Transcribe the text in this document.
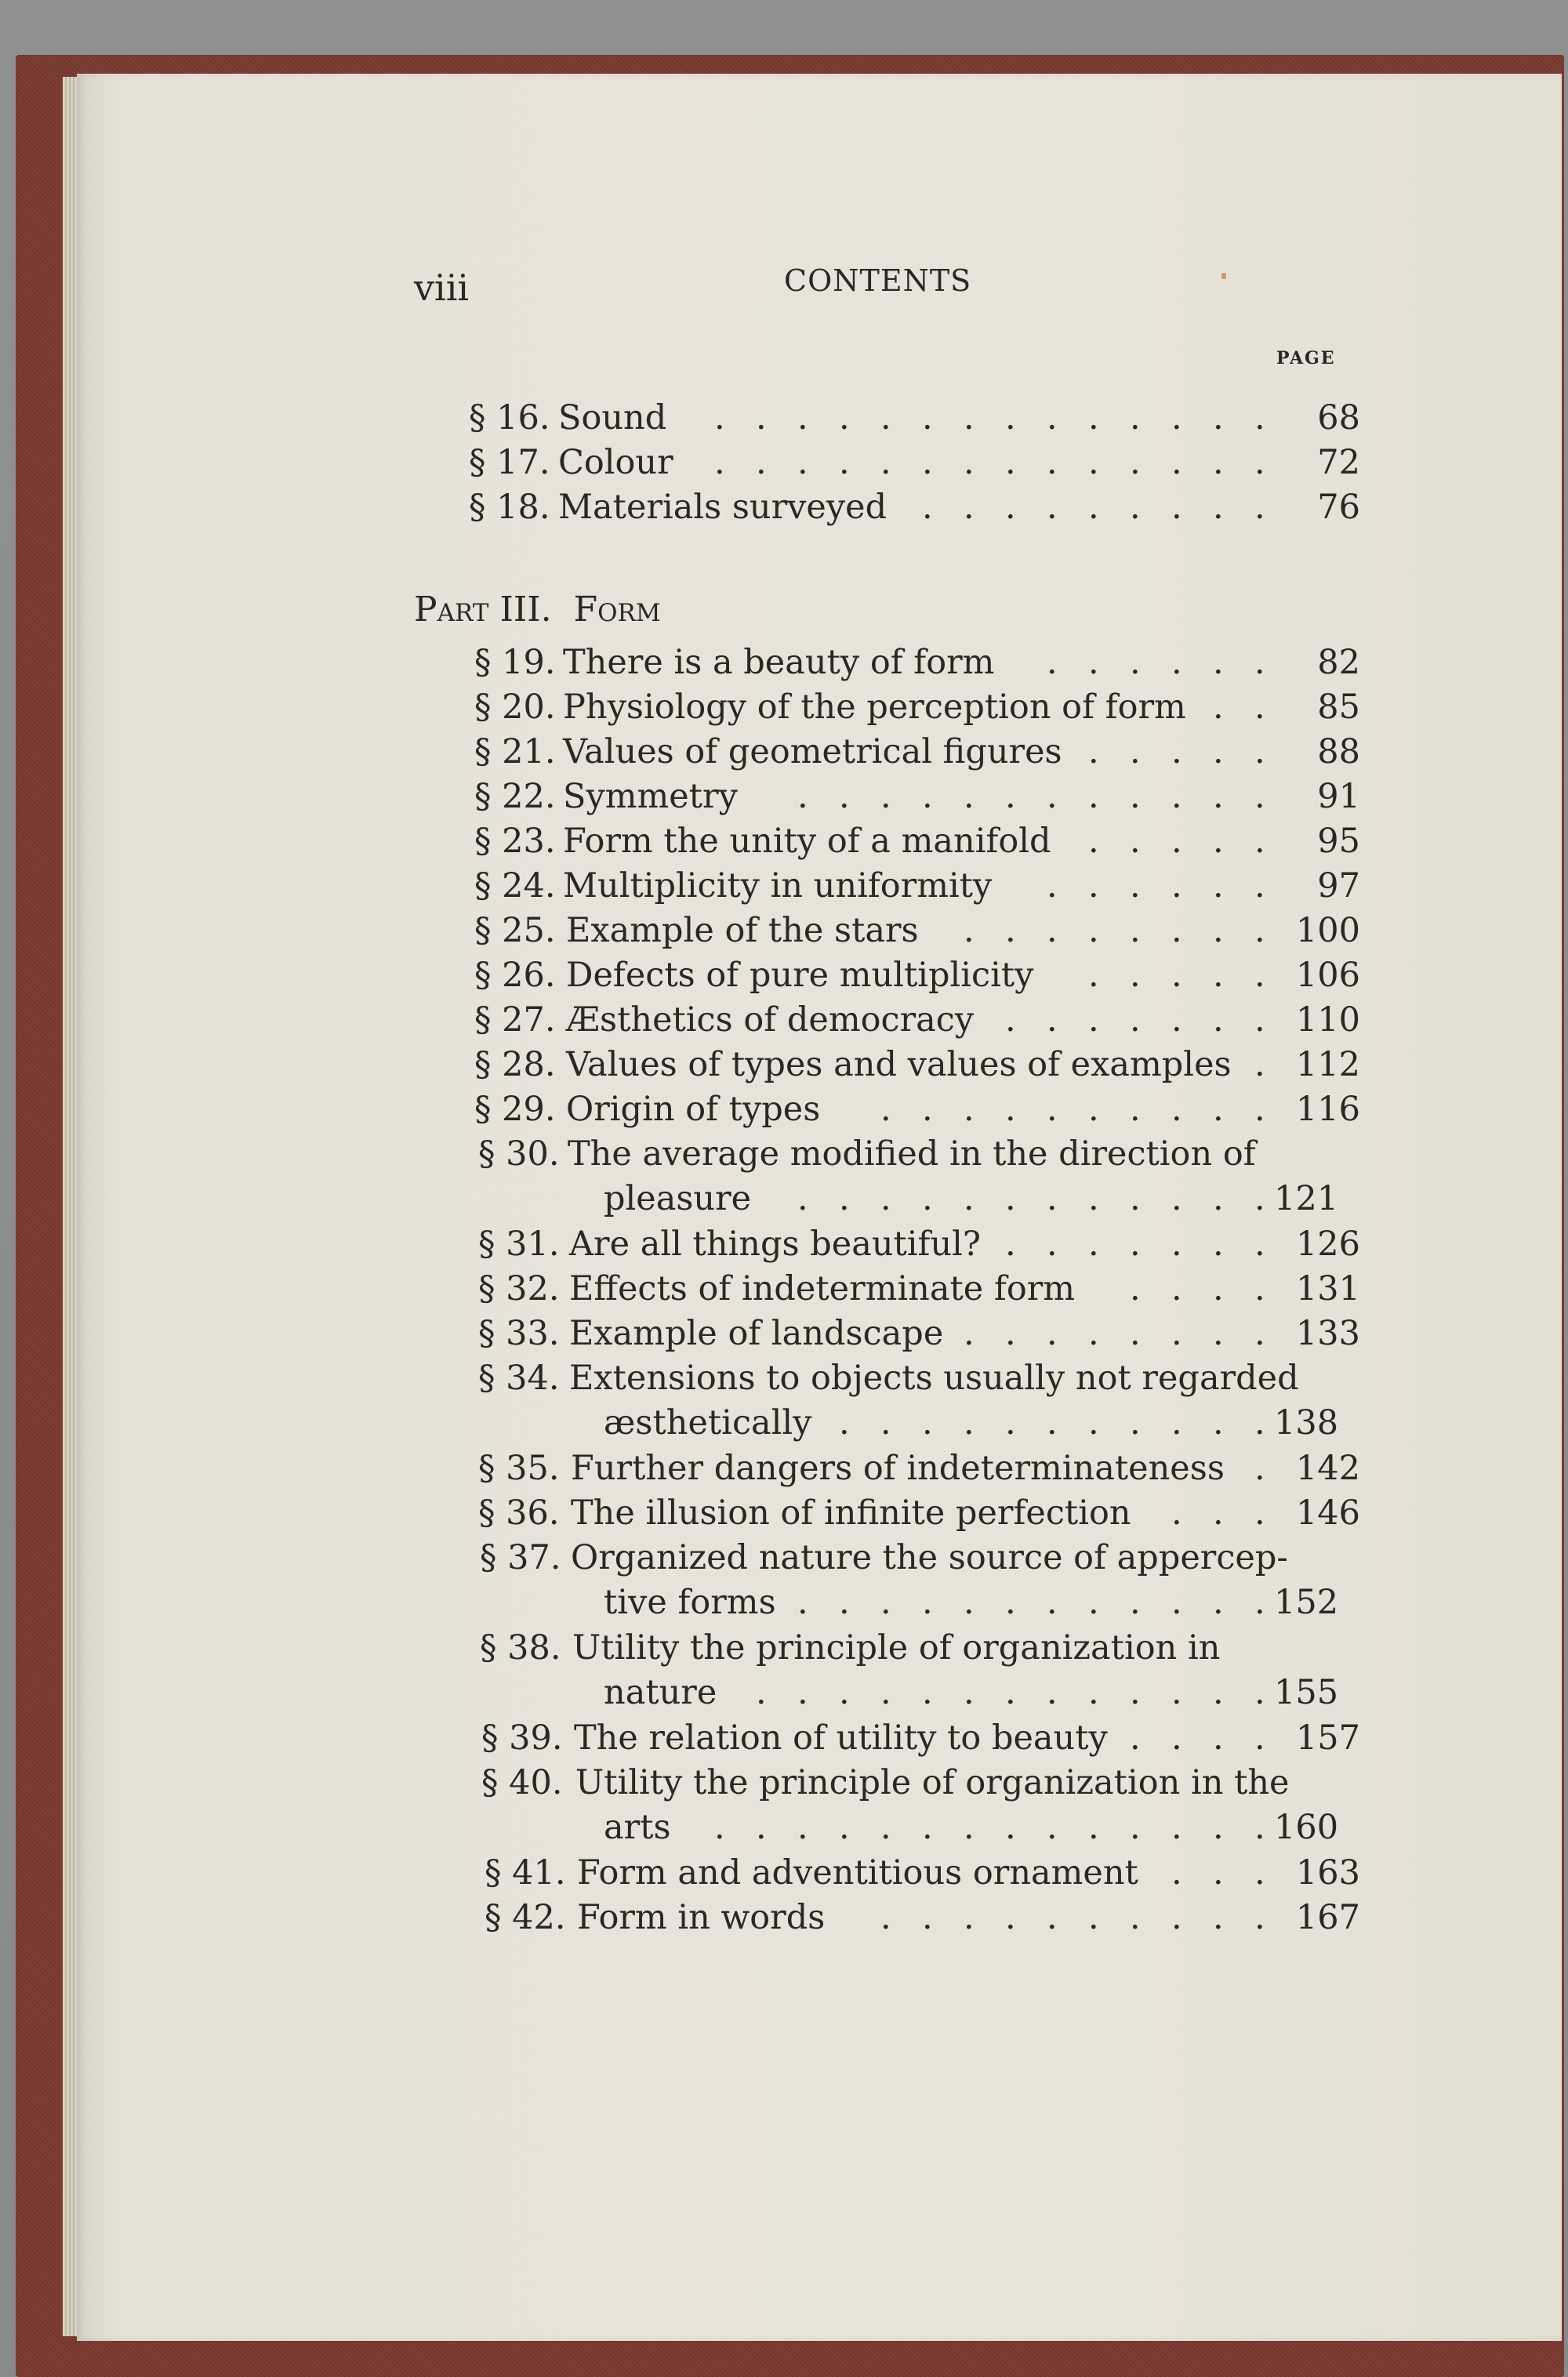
viii	CONTENTS
PAGE
Part III. Form
§ 16. Sound	68
.
.
.
.
.
.
.
.
.
.
.
.
.
.
§ 17. Colour	72
.
.
.
.
.
.
.
.
.
.
.
.
.
.
§ 18. Materials surveyed	76
.
.
.
.
.
.
.
.
.
§ 19. There is a beauty of form	82
.
.
.
.
.
.
§ 20. Physiology of the perception of form	85
.
.
§ 21. Values of geometrical figures	88
.
.
.
.
.
§ 22. Symmetry	91
.
.
.
.
.
.
.
.
.
.
.
.
§ 23. Form the unity of a manifold	95
.
.
.
.
.
§ 24. Multiplicity in uniformity	97
.
.
.
.
.
.
§ 25. Example of the stars	100
.
.
.
.
.
.
.
.
§ 26. Defects of pure multiplicity	106
.
.
.
.
.
§ 27. Æsthetics of democracy	110
.
.
.
.
.
.
.
§ 28. Values of types and values of examples	112
.
§ 29. Origin of types	116
.
.
.
.
.
.
.
.
.
.
§ 30. The average modified in the direction of
pleasure	121
.
.
.
.
.
.
.
.
.
.
.
.
§ 31. Are all things beautiful?	126
.
.
.
.
.
.
.
§ 32. Effects of indeterminate form	131
.
.
.
.
§ 33. Example of landscape	133
.
.
.
.
.
.
.
.
§ 34. Extensions to objects usually not regarded
æsthetically	138
.
.
.
.
.
.
.
.
.
.
.
§ 35. Further dangers of indeterminateness	142
.
§ 36. The illusion of infinite perfection	146
.
.
.
§ 37. Organized nature the source of appercep-
tive forms	152
.
.
.
.
.
.
.
.
.
.
.
.
§ 38. Utility the principle of organization in
nature	155
.
.
.
.
.
.
.
.
.
.
.
.
.
§ 39. The relation of utility to beauty	157
.
.
.
.
§ 40. Utility the principle of organization in the
arts	160
.
.
.
.
.
.
.
.
.
.
.
.
.
.
§ 41. Form and adventitious ornament	163
.
.
.
§ 42. Form in words	167
.
.
.
.
.
.
.
.
.
.
